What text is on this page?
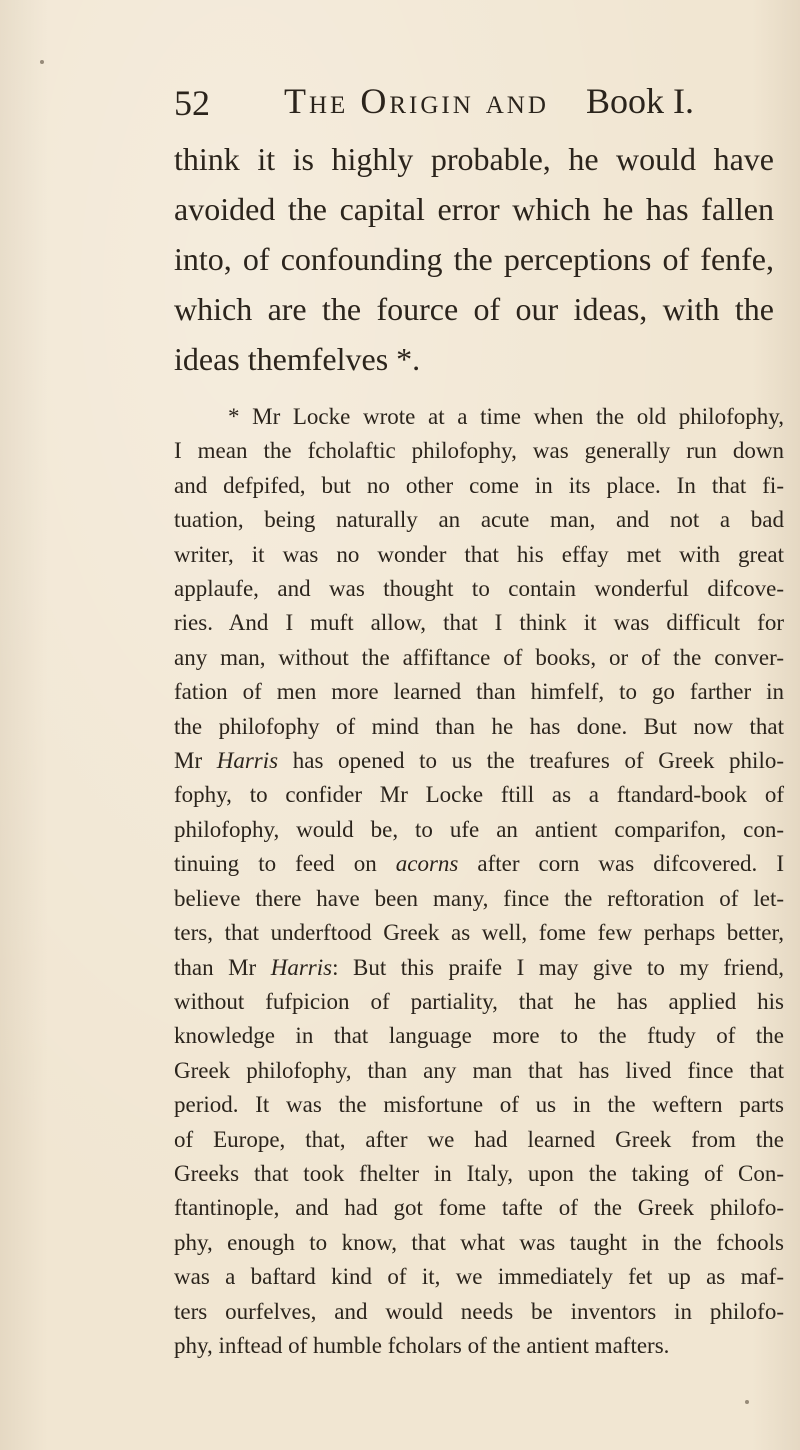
52 The Origin and Book I.
think it is highly probable, he would have
avoided the capital error which he has fallen
into, of confounding the perceptions of fenfe,
which are the fource of our ideas, with the
ideas themfelves *.
* Mr Locke wrote at a time when the old philofophy,
I mean the fcholaftic philofophy, was generally run down
and defpifed, but no other come in its place. In that fi-
tuation, being naturally an acute man, and not a bad
writer, it was no wonder that his effay met with great
applaufe, and was thought to contain wonderful difcove-
ries. And I muft allow, that I think it was difficult for
any man, without the affiftance of books, or of the conver-
fation of men more learned than himfelf, to go farther in
the philofophy of mind than he has done. But now that
Mr Harris has opened to us the treafures of Greek philo-
fophy, to confider Mr Locke ftill as a ftandard-book of
philofophy, would be, to ufe an antient comparifon, con-
tinuing to feed on acorns after corn was difcovered. I
believe there have been many, fince the reftoration of let-
ters, that underftood Greek as well, fome few perhaps better,
than Mr Harris: But this praife I may give to my friend,
without fufpicion of partiality, that he has applied his
knowledge in that language more to the ftudy of the
Greek philofophy, than any man that has lived fince that
period. It was the misfortune of us in the weftern parts
of Europe, that, after we had learned Greek from the
Greeks that took fhelter in Italy, upon the taking of Con-
ftantinople, and had got fome tafte of the Greek philofo-
phy, enough to know, that what was taught in the fchools
was a baftard kind of it, we immediately fet up as maf-
ters ourfelves, and would needs be inventors in philofo-
phy, inftead of humble fcholars of the antient mafters.
